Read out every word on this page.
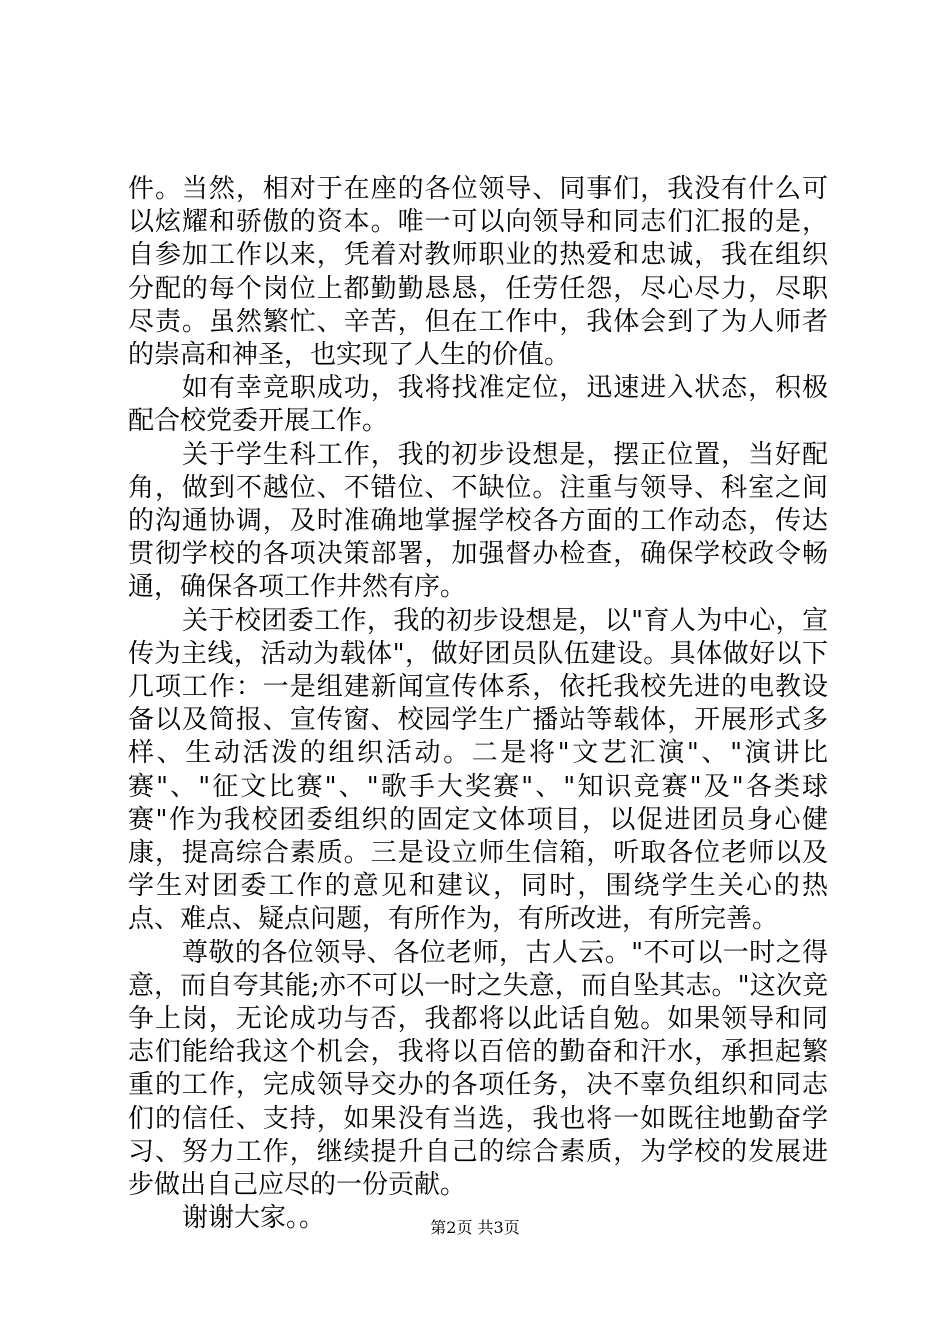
件。当然，相对于在座的各位领导、同事们，我没有什么可以炫耀和骄傲的资本。唯一可以向领导和同志们汇报的是，自参加工作以来，凭着对教师职业的热爱和忠诚，我在组织分配的每个岗位上都勤勤恳恳，任劳任怨，尽心尽力，尽职尽责。虽然繁忙、辛苦，但在工作中，我体会到了为人师者的崇高和神圣，也实现了人生的价值。

如有幸竞职成功，我将找准定位，迅速进入状态，积极配合校党委开展工作。

关于学生科工作，我的初步设想是，摆正位置，当好配角，做到不越位、不错位、不缺位。注重与领导、科室之间的沟通协调，及时准确地掌握学校各方面的工作动态，传达贯彻学校的各项决策部署，加强督办检查，确保学校政令畅通，确保各项工作井然有序。

关于校团委工作，我的初步设想是，以"育人为中心，宣传为主线，活动为载体"，做好团员队伍建设。具体做好以下几项工作：一是组建新闻宣传体系，依托我校先进的电教设备以及简报、宣传窗、校园学生广播站等载体，开展形式多样、生动活泼的组织活动。二是将"文艺汇演"、"演讲比赛"、"征文比赛"、"歌手大奖赛"、"知识竞赛"及"各类球赛"作为我校团委组织的固定文体项目，以促进团员身心健康，提高综合素质。三是设立师生信箱，听取各位老师以及学生对团委工作的意见和建议，同时，围绕学生关心的热点、难点、疑点问题，有所作为，有所改进，有所完善。

尊敬的各位领导、各位老师，古人云。"不可以一时之得意，而自夸其能;亦不可以一时之失意，而自坠其志。"这次竞争上岗，无论成功与否，我都将以此话自勉。如果领导和同志们能给我这个机会，我将以百倍的勤奋和汗水，承担起繁重的工作，完成领导交办的各项任务，决不辜负组织和同志们的信任、支持，如果没有当选，我也将一如既往地勤奋学习、努力工作，继续提升自己的综合素质，为学校的发展进步做出自己应尽的一份贡献。

谢谢大家。。	第2页 共3页
